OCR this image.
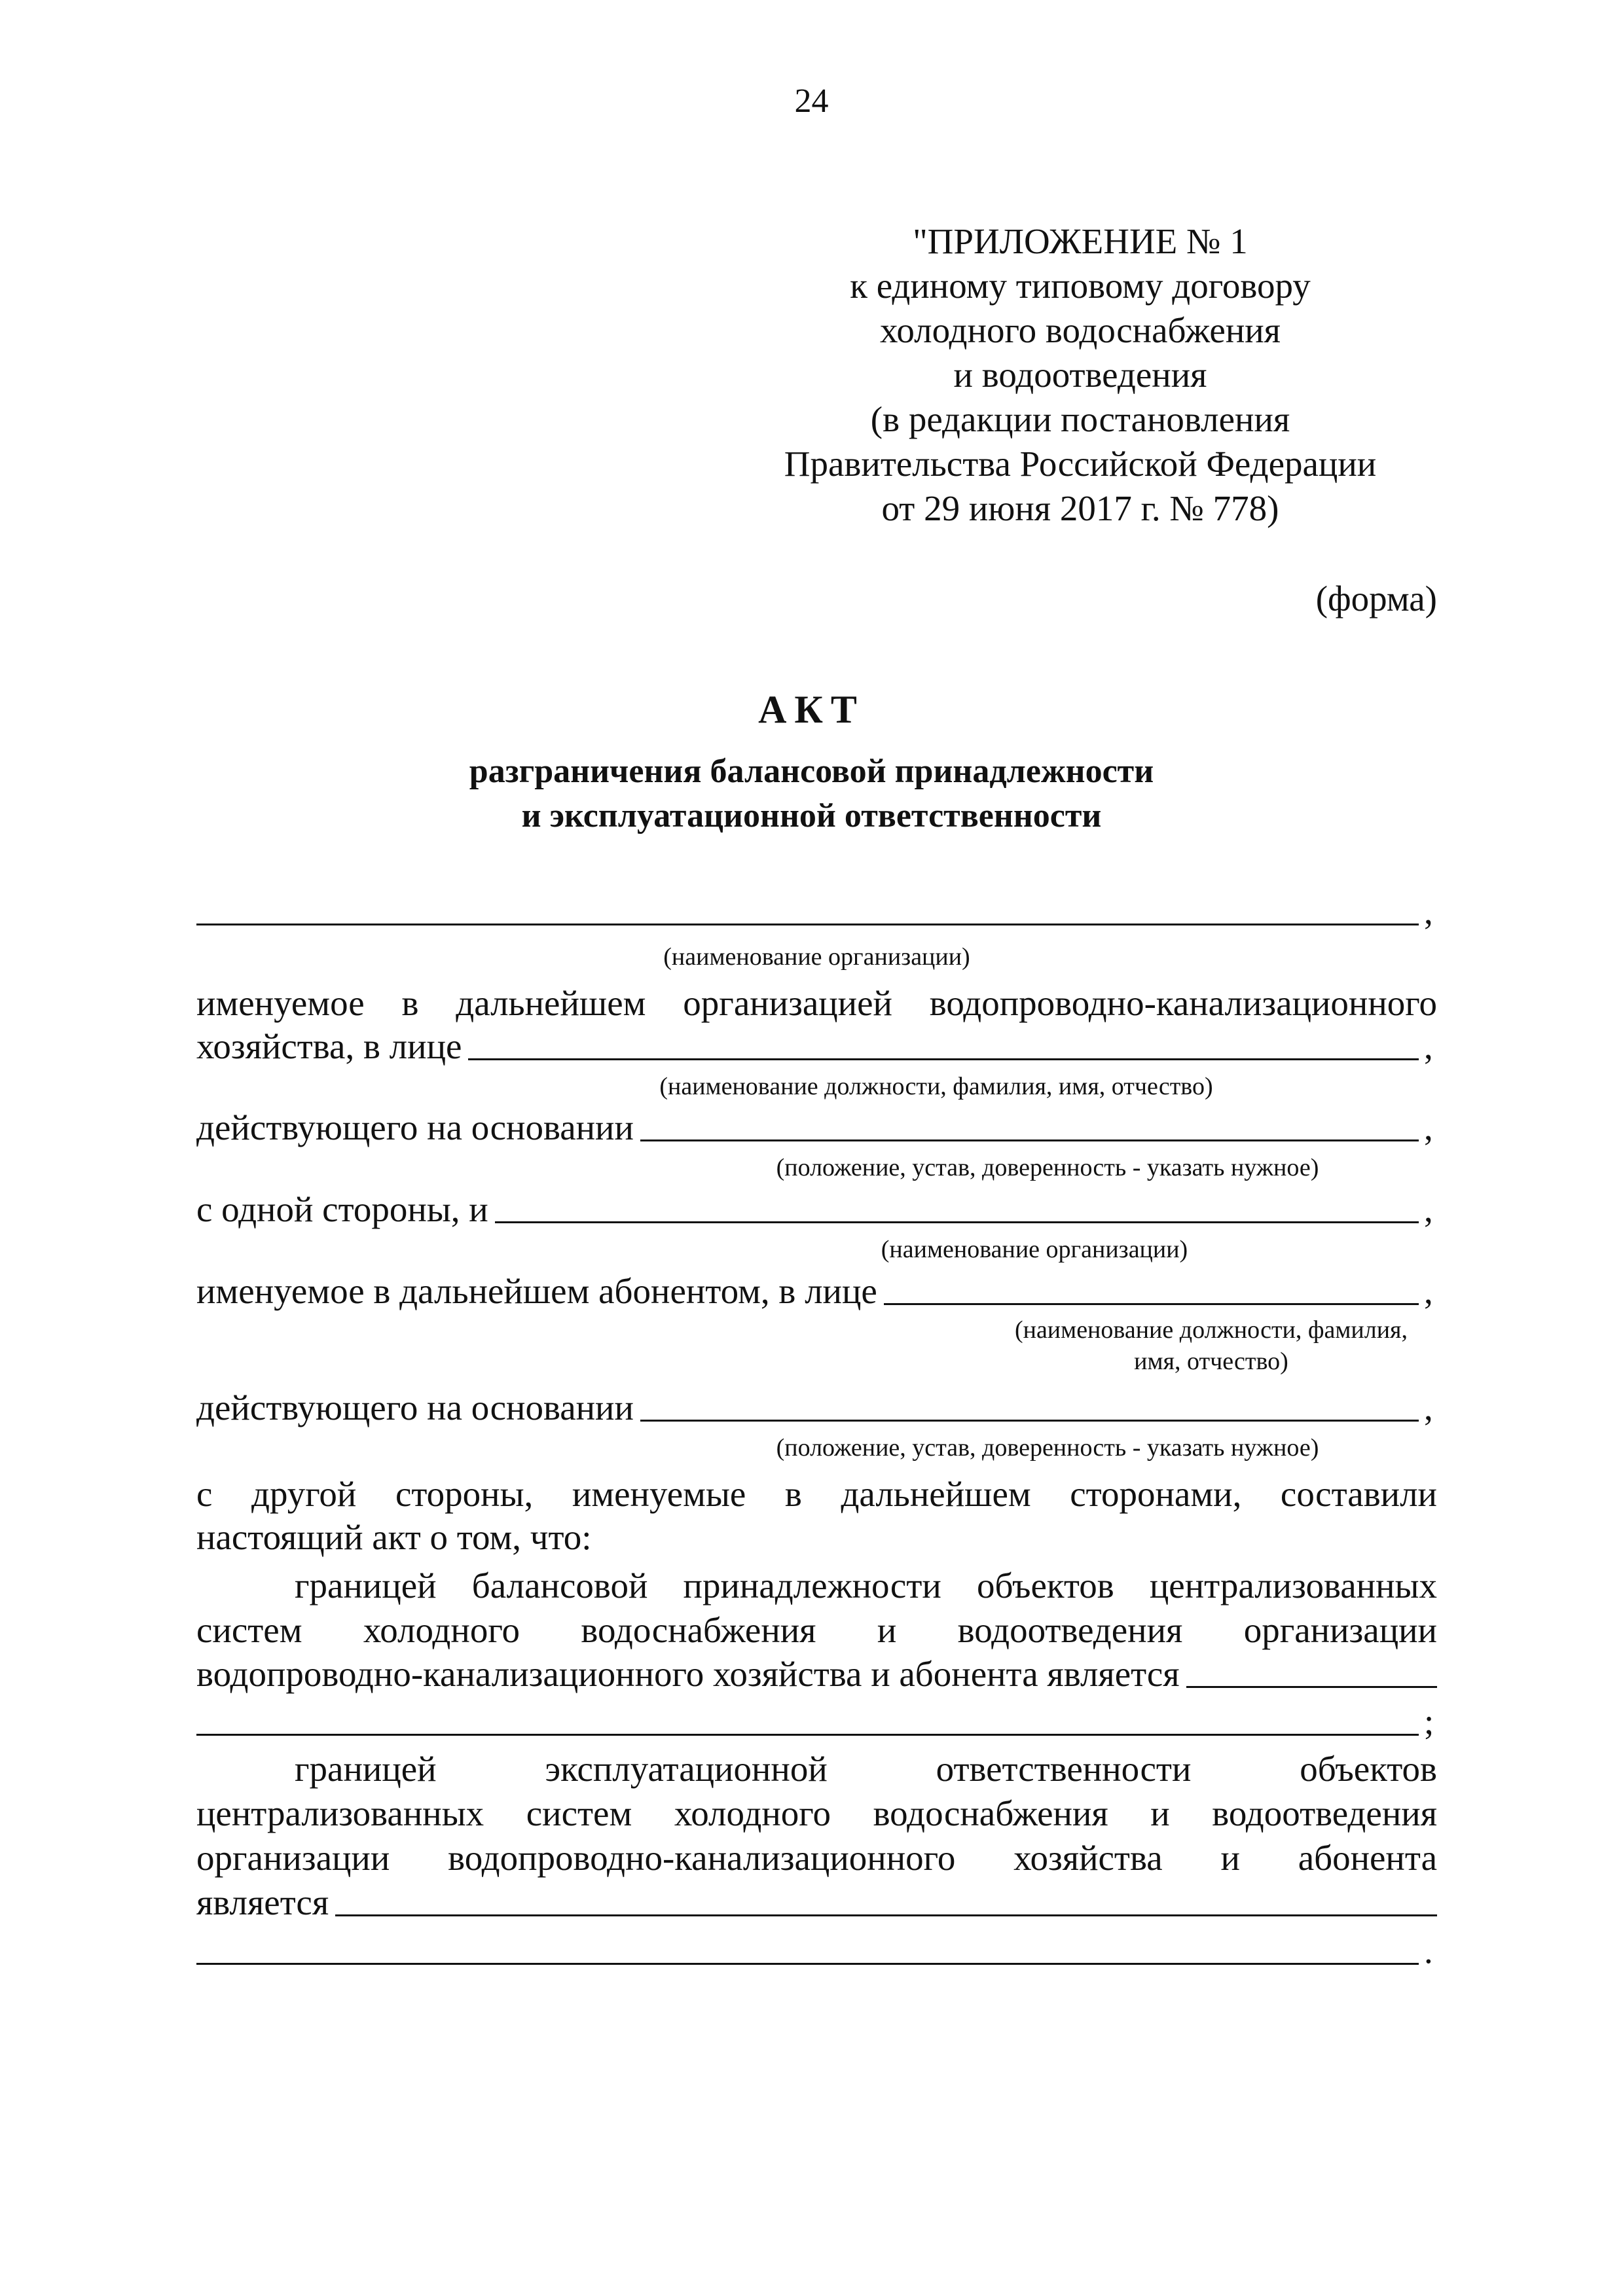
24
"ПРИЛОЖЕНИЕ № 1
к единому типовому договору
холодного водоснабжения
и водоотведения
(в редакции постановления
Правительства Российской Федерации
от 29 июня 2017 г. № 778)
(форма)
АКТ
разграничения балансовой принадлежности
и эксплуатационной ответственности
,
(наименование организации)
именуемое в дальнейшем организацией водопроводно-канализационного
хозяйства, в лице	,
(наименование должности, фамилия, имя, отчество)
действующего на основании	,
(положение, устав, доверенность - указать нужное)
с одной стороны, и	,
(наименование организации)
именуемое в дальнейшем абонентом, в лице	,
(наименование должности, фамилия,
имя, отчество)
действующего на основании	,
(положение, устав, доверенность - указать нужное)
с другой стороны, именуемые в дальнейшем сторонами, составили
настоящий акт о том, что:
границей балансовой принадлежности объектов централизованных
систем холодного водоснабжения и водоотведения организации
водопроводно-канализационного хозяйства и абонента является
;
границей эксплуатационной ответственности объектов
централизованных систем холодного водоснабжения и водоотведения
организации водопроводно-канализационного хозяйства и абонента
является
.
